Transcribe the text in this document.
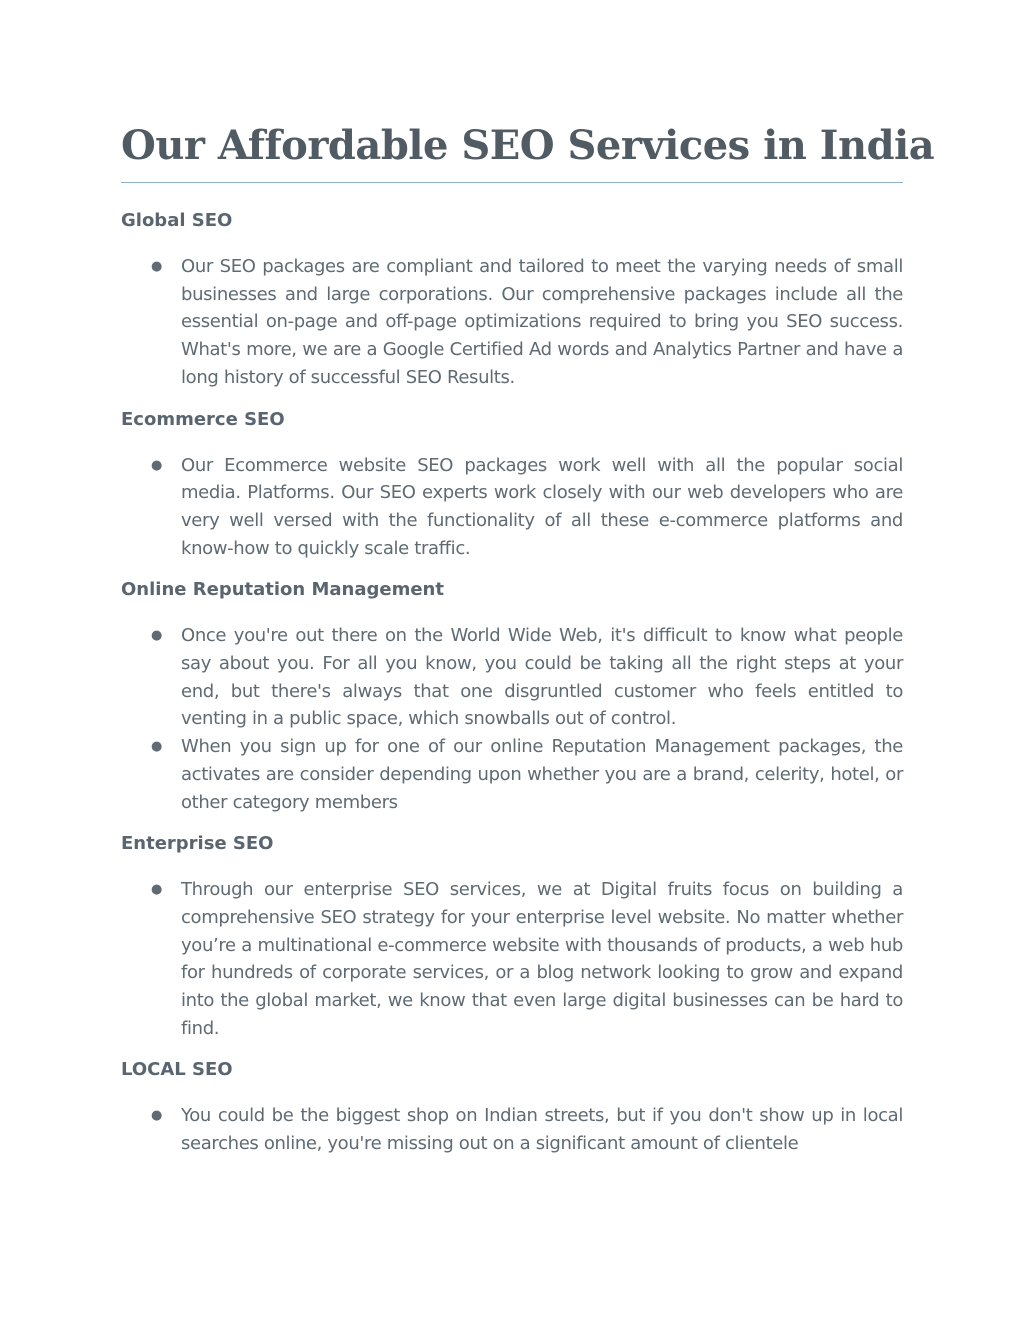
Our Affordable SEO Services in India
Global SEO
● Our SEO packages are compliant and tailored to meet the varying needs of small businesses and large corporations. Our comprehensive packages include all the essential on-page and off-page optimizations required to bring you SEO success. What's more, we are a Google Certified Ad words and Analytics Partner and have a long history of successful SEO Results.
Ecommerce SEO
● Our Ecommerce website SEO packages work well with all the popular social media. Platforms. Our SEO experts work closely with our web developers who are very well versed with the functionality of all these e-commerce platforms and know-how to quickly scale traffic.
Online Reputation Management
● Once you're out there on the World Wide Web, it's difficult to know what people say about you. For all you know, you could be taking all the right steps at your end, but there's always that one disgruntled customer who feels entitled to venting in a public space, which snowballs out of control.
● When you sign up for one of our online Reputation Management packages, the activates are consider depending upon whether you are a brand, celerity, hotel, or other category members
Enterprise SEO
● Through our enterprise SEO services, we at Digital fruits focus on building a comprehensive SEO strategy for your enterprise level website. No matter whether you’re a multinational e-commerce website with thousands of products, a web hub for hundreds of corporate services, or a blog network looking to grow and expand into the global market, we know that even large digital businesses can be hard to find.
LOCAL SEO
● You could be the biggest shop on Indian streets, but if you don't show up in local searches online, you're missing out on a significant amount of clientele
